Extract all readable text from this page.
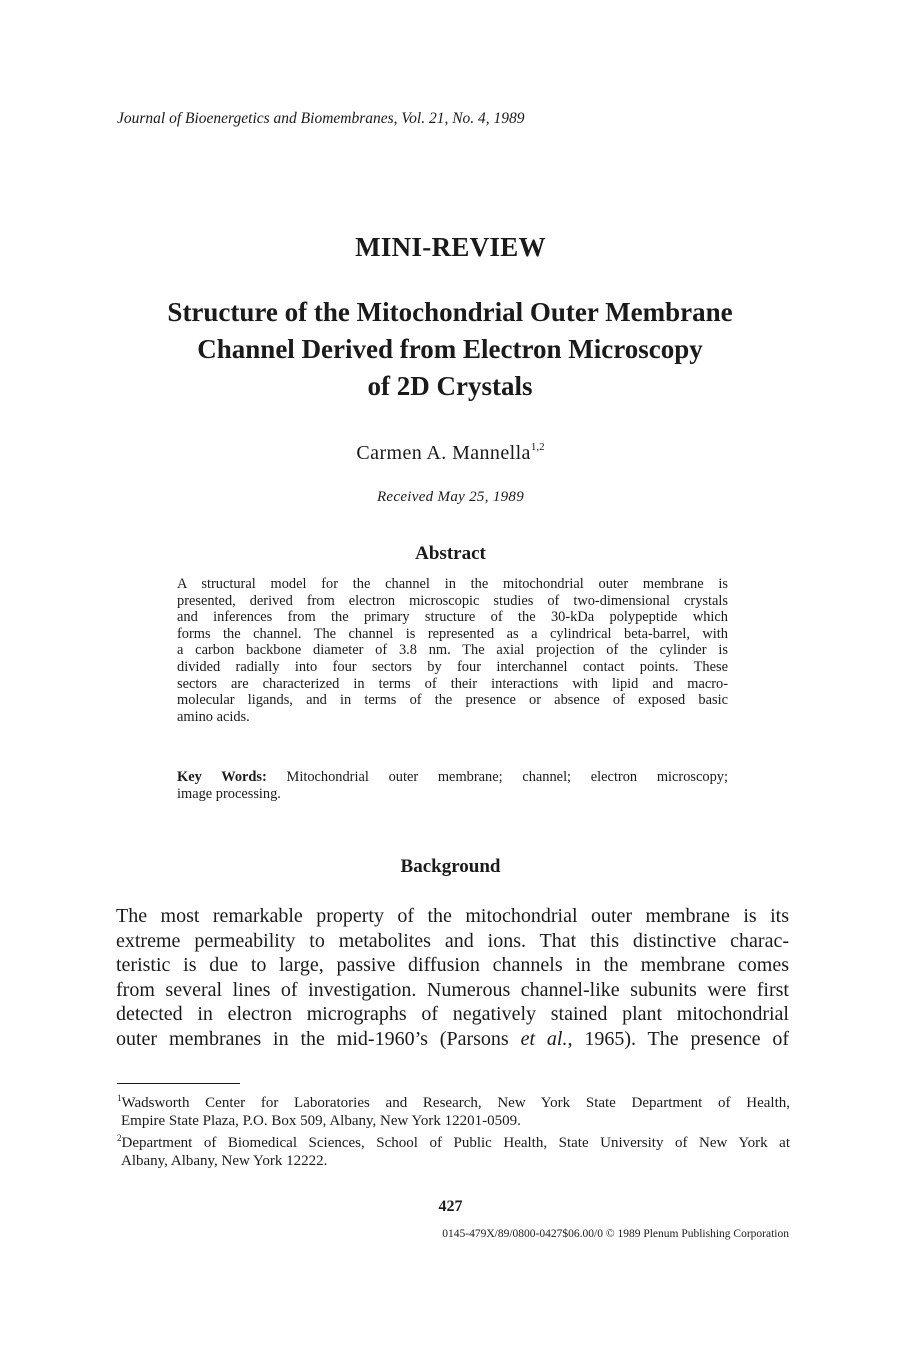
Journal of Bioenergetics and Biomembranes, Vol. 21, No. 4, 1989
MINI-REVIEW
Structure of the Mitochondrial Outer Membrane
Channel Derived from Electron Microscopy
of 2D Crystals
Carmen A. Mannella$^{1,2}$
Received May 25, 1989
Abstract
A structural model for the channel in the mitochondrial outer membrane is
presented, derived from electron microscopic studies of two-dimensional crystals
and inferences from the primary structure of the 30-kDa polypeptide which
forms the channel. The channel is represented as a cylindrical beta-barrel, with
a carbon backbone diameter of 3.8 nm. The axial projection of the cylinder is
divided radially into four sectors by four interchannel contact points. These
sectors are characterized in terms of their interactions with lipid and macro-
molecular ligands, and in terms of the presence or absence of exposed basic
amino acids.
Key Words: Mitochondrial outer membrane; channel; electron microscopy;
image processing.
Background
The most remarkable property of the mitochondrial outer membrane is its
extreme permeability to metabolites and ions. That this distinctive charac-
teristic is due to large, passive diffusion channels in the membrane comes
from several lines of investigation. Numerous channel-like subunits were first
detected in electron micrographs of negatively stained plant mitochondrial
outer membranes in the mid-1960’s (Parsons et al., 1965). The presence of
$^1$Wadsworth Center for Laboratories and Research, New York State Department of Health,
Empire State Plaza, P.O. Box 509, Albany, New York 12201-0509.
$^2$Department of Biomedical Sciences, School of Public Health, State University of New York at
Albany, Albany, New York 12222.
427
0145-479X/89/0800-0427$06.00/0 © 1989 Plenum Publishing Corporation
